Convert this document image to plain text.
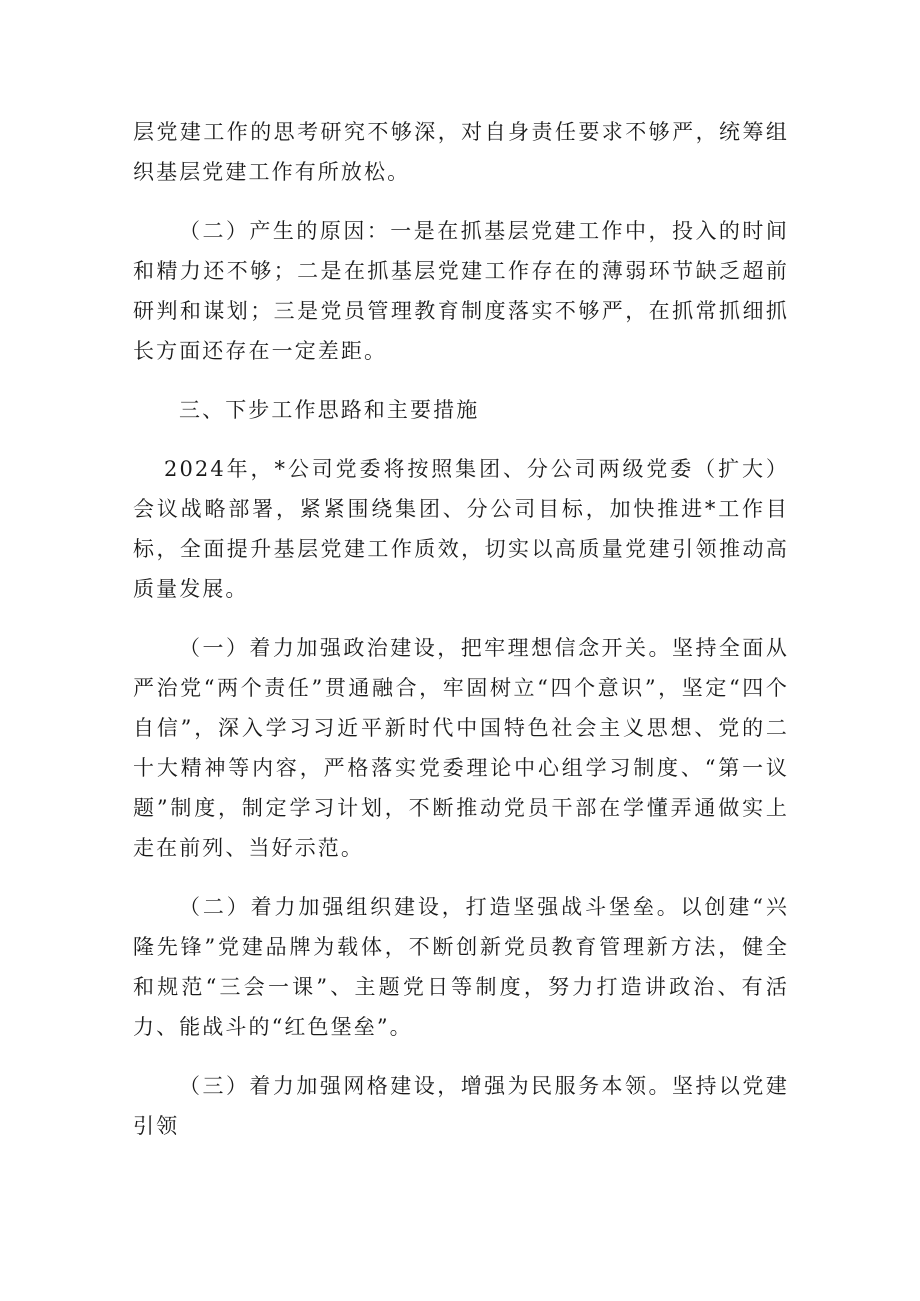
层党建工作的思考研究不够深，对自身责任要求不够严，统筹组织基层党建工作有所放松。

（二）产生的原因：一是在抓基层党建工作中，投入的时间和精力还不够；二是在抓基层党建工作存在的薄弱环节缺乏超前研判和谋划；三是党员管理教育制度落实不够严，在抓常抓细抓长方面还存在一定差距。

三、下步工作思路和主要措施

2024年，*公司党委将按照集团、分公司两级党委（扩大）会议战略部署，紧紧围绕集团、分公司目标，加快推进*工作目标，全面提升基层党建工作质效，切实以高质量党建引领推动高质量发展。

（一）着力加强政治建设，把牢理想信念开关。坚持全面从严治党“两个责任”贯通融合，牢固树立“四个意识”，坚定“四个自信”，深入学习习近平新时代中国特色社会主义思想、党的二十大精神等内容，严格落实党委理论中心组学习制度、“第一议题”制度，制定学习计划，不断推动党员干部在学懂弄通做实上走在前列、当好示范。

（二）着力加强组织建设，打造坚强战斗堡垒。以创建“兴隆先锋”党建品牌为载体，不断创新党员教育管理新方法，健全和规范“三会一课”、主题党日等制度，努力打造讲政治、有活力、能战斗的“红色堡垒”。

（三）着力加强网格建设，增强为民服务本领。坚持以党建引领
